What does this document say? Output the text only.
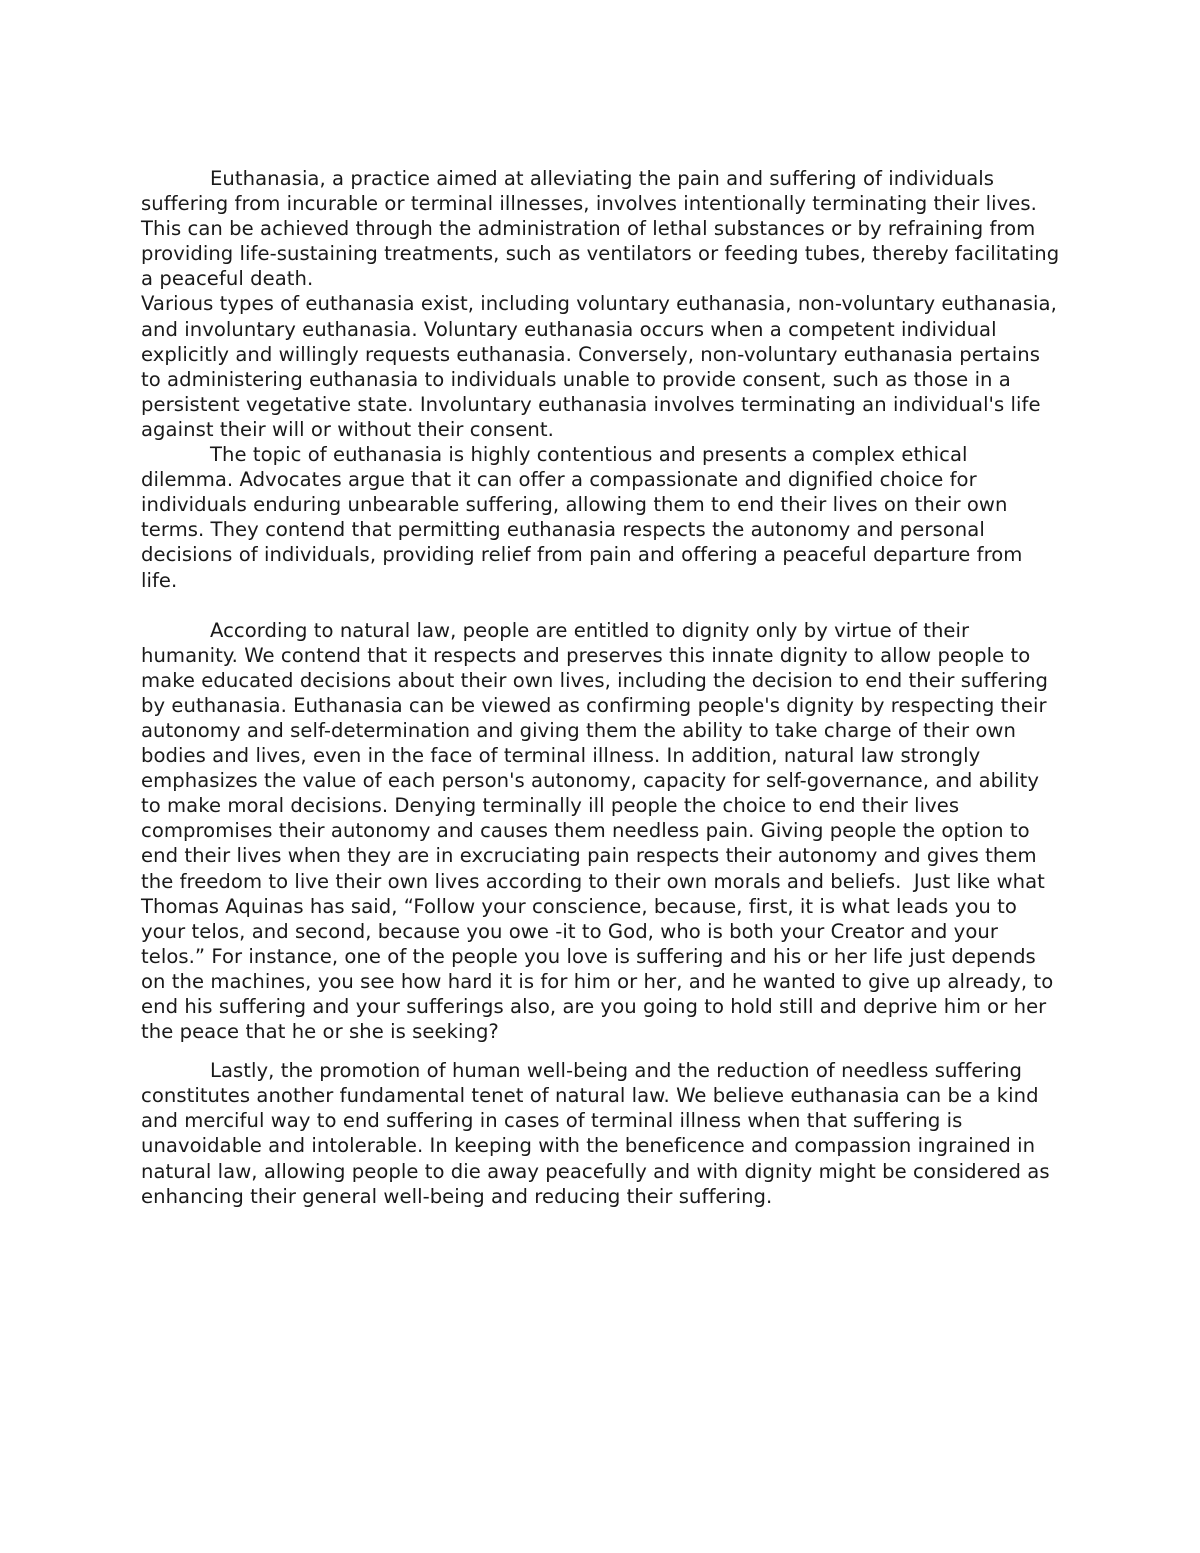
Euthanasia, a practice aimed at alleviating the pain and suffering of individuals suffering from incurable or terminal illnesses, involves intentionally terminating their lives. This can be achieved through the administration of lethal substances or by refraining from providing life-sustaining treatments, such as ventilators or feeding tubes, thereby facilitating a peaceful death.

Various types of euthanasia exist, including voluntary euthanasia, non-voluntary euthanasia, and involuntary euthanasia. Voluntary euthanasia occurs when a competent individual explicitly and willingly requests euthanasia. Conversely, non-voluntary euthanasia pertains to administering euthanasia to individuals unable to provide consent, such as those in a persistent vegetative state. Involuntary euthanasia involves terminating an individual's life against their will or without their consent.

The topic of euthanasia is highly contentious and presents a complex ethical dilemma. Advocates argue that it can offer a compassionate and dignified choice for individuals enduring unbearable suffering, allowing them to end their lives on their own terms. They contend that permitting euthanasia respects the autonomy and personal decisions of individuals, providing relief from pain and offering a peaceful departure from life.

According to natural law, people are entitled to dignity only by virtue of their humanity. We contend that it respects and preserves this innate dignity to allow people to make educated decisions about their own lives, including the decision to end their suffering by euthanasia. Euthanasia can be viewed as confirming people's dignity by respecting their autonomy and self-determination and giving them the ability to take charge of their own bodies and lives, even in the face of terminal illness. In addition, natural law strongly emphasizes the value of each person's autonomy, capacity for self-governance, and ability to make moral decisions. Denying terminally ill people the choice to end their lives compromises their autonomy and causes them needless pain. Giving people the option to end their lives when they are in excruciating pain respects their autonomy and gives them the freedom to live their own lives according to their own morals and beliefs.  Just like what Thomas Aquinas has said, “Follow your conscience, because, first, it is what leads you to your telos, and second, because you owe -it to God, who is both your Creator and your telos.” For instance, one of the people you love is suffering and his or her life just depends on the machines, you see how hard it is for him or her, and he wanted to give up already, to end his suffering and your sufferings also, are you going to hold still and deprive him or her the peace that he or she is seeking?

Lastly, the promotion of human well-being and the reduction of needless suffering constitutes another fundamental tenet of natural law. We believe euthanasia can be a kind and merciful way to end suffering in cases of terminal illness when that suffering is unavoidable and intolerable. In keeping with the beneficence and compassion ingrained in natural law, allowing people to die away peacefully and with dignity might be considered as enhancing their general well-being and reducing their suffering.
